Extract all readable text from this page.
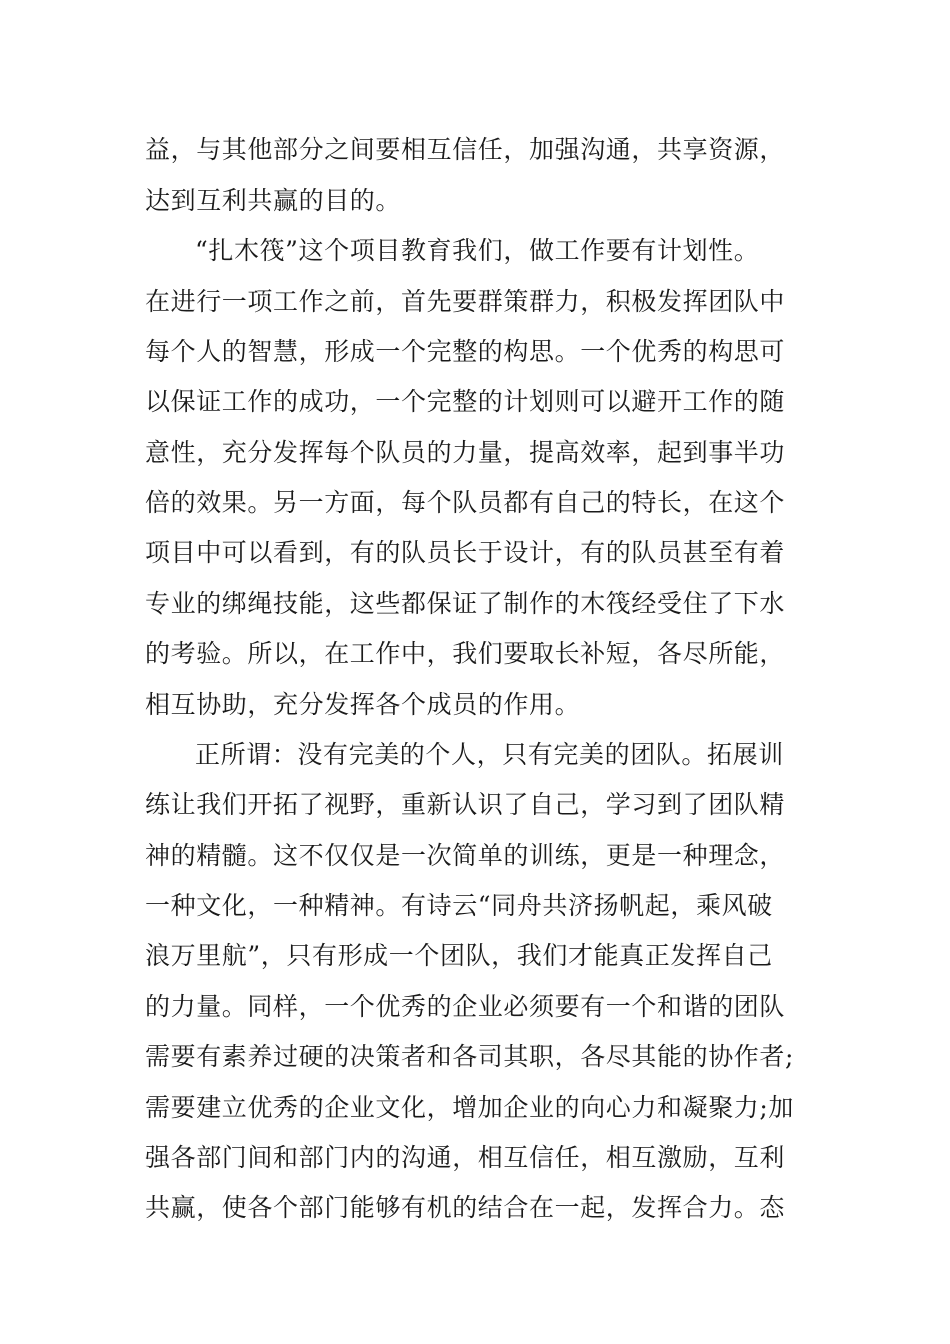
益，与其他部分之间要相互信任，加强沟通，共享资源，
达到互利共赢的目的。
“扎木筏”这个项目教育我们，做工作要有计划性。
在进行一项工作之前，首先要群策群力，积极发挥团队中
每个人的智慧，形成一个完整的构思。一个优秀的构思可
以保证工作的成功，一个完整的计划则可以避开工作的随
意性，充分发挥每个队员的力量，提高效率，起到事半功
倍的效果。另一方面，每个队员都有自己的特长，在这个
项目中可以看到，有的队员长于设计，有的队员甚至有着
专业的绑绳技能，这些都保证了制作的木筏经受住了下水
的考验。所以，在工作中，我们要取长补短，各尽所能，
相互协助，充分发挥各个成员的作用。
正所谓：没有完美的个人，只有完美的团队。拓展训
练让我们开拓了视野，重新认识了自己，学习到了团队精
神的精髓。这不仅仅是一次简单的训练，更是一种理念，
一种文化，一种精神。有诗云“同舟共济扬帆起，乘风破
浪万里航”，只有形成一个团队，我们才能真正发挥自己
的力量。同样，一个优秀的企业必须要有一个和谐的团队
需要有素养过硬的决策者和各司其职，各尽其能的协作者;
需要建立优秀的企业文化，增加企业的向心力和凝聚力;加
强各部门间和部门内的沟通，相互信任，相互激励，互利
共赢，使各个部门能够有机的结合在一起，发挥合力。态
